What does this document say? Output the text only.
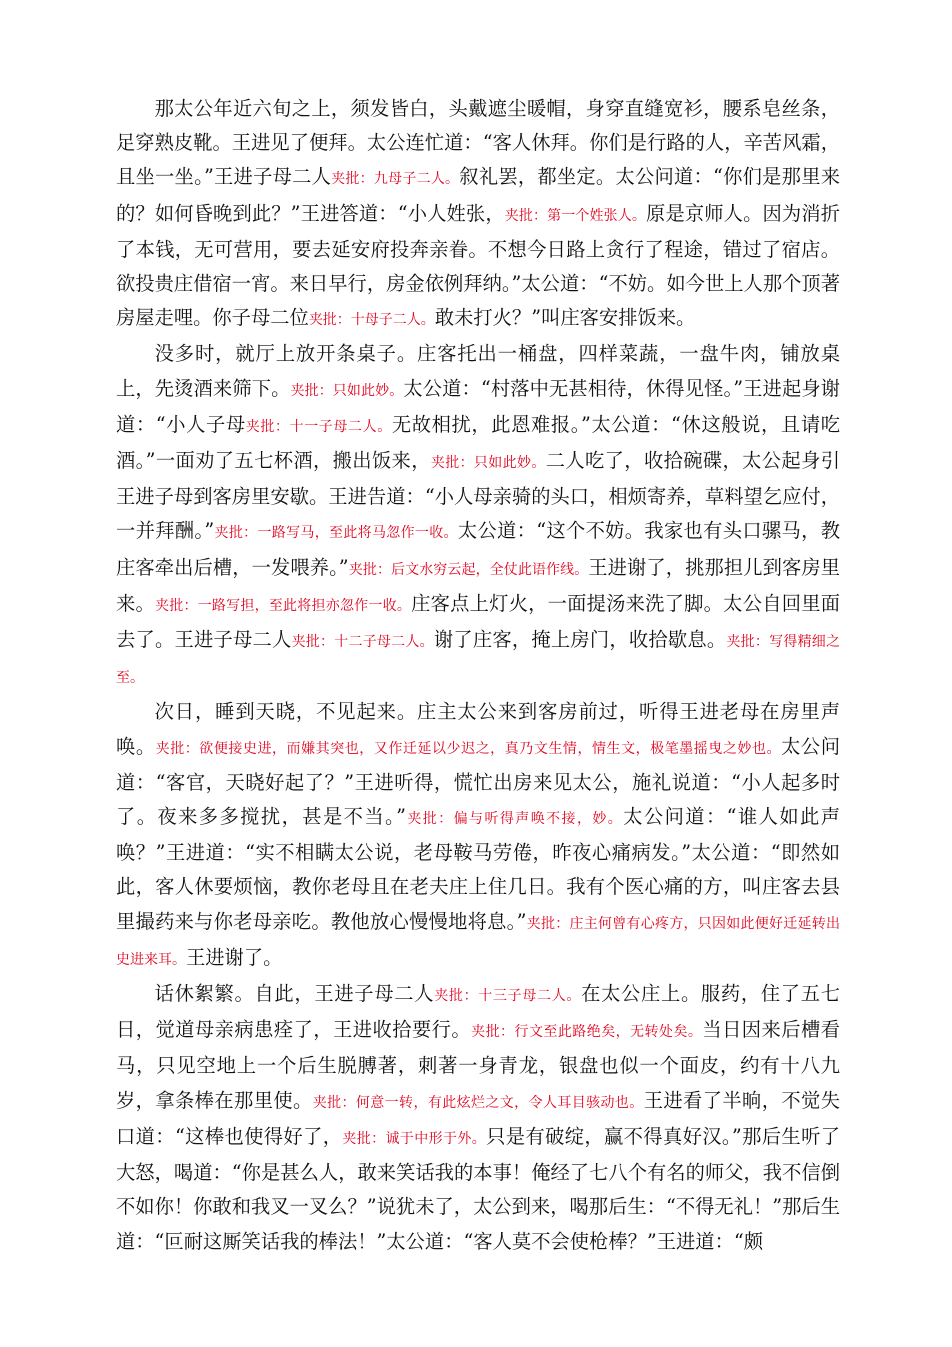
那太公年近六旬之上，须发皆白，头戴遮尘暖帽，身穿直缝宽衫，腰系皂丝条，足穿熟皮靴。王进见了便拜。太公连忙道：“客人休拜。你们是行路的人，辛苦风霜，且坐一坐。”王进子母二人夹批：九母子二人。叙礼罢，都坐定。太公问道：“你们是那里来的？如何昏晚到此？”王进答道：“小人姓张，夹批：第一个姓张人。原是京师人。因为消折了本钱，无可营用，要去延安府投奔亲眷。不想今日路上贪行了程途，错过了宿店。欲投贵庄借宿一宵。来日早行，房金依例拜纳。”太公道：“不妨。如今世上人那个顶著房屋走哩。你子母二位夹批：十母子二人。敢未打火？”叫庄客安排饭来。

没多时，就厅上放开条桌子。庄客托出一桶盘，四样菜蔬，一盘牛肉，铺放桌上，先烫酒来筛下。夹批：只如此妙。太公道：“村落中无甚相待，休得见怪。”王进起身谢道：“小人子母夹批：十一子母二人。无故相扰，此恩难报。”太公道：“休这般说，且请吃酒。”一面劝了五七杯酒，搬出饭来，夹批：只如此妙。二人吃了，收拾碗碟，太公起身引王进子母到客房里安歇。王进告道：“小人母亲骑的头口，相烦寄养，草料望乞应付，一并拜酬。”夹批：一路写马，至此将马忽作一收。太公道：“这个不妨。我家也有头口骡马，教庄客牵出后槽，一发喂养。”夹批：后文水穷云起，全仗此语作线。王进谢了，挑那担儿到客房里来。夹批：一路写担，至此将担亦忽作一收。庄客点上灯火，一面提汤来洗了脚。太公自回里面去了。王进子母二人夹批：十二子母二人。谢了庄客，掩上房门，收拾歇息。夹批：写得精细之至。

次日，睡到天晓，不见起来。庄主太公来到客房前过，听得王进老母在房里声唤。夹批：欲便接史进，而嫌其突也，又作迁延以少迟之，真乃文生情，情生文，极笔墨摇曳之妙也。太公问道：“客官，天晓好起了？”王进听得，慌忙出房来见太公，施礼说道：“小人起多时了。夜来多多搅扰，甚是不当。”夹批：偏与听得声唤不接，妙。太公问道：“谁人如此声唤？”王进道：“实不相瞒太公说，老母鞍马劳倦，昨夜心痛病发。”太公道：“即然如此，客人休要烦恼，教你老母且在老夫庄上住几日。我有个医心痛的方，叫庄客去县里撮药来与你老母亲吃。教他放心慢慢地将息。”夹批：庄主何曾有心疼方，只因如此便好迁延转出史进来耳。王进谢了。

话休絮繁。自此，王进子母二人夹批：十三子母二人。在太公庄上。服药，住了五七日，觉道母亲病患痊了，王进收拾要行。夹批：行文至此路绝矣，无转处矣。当日因来后槽看马，只见空地上一个后生脱膊著，刺著一身青龙，银盘也似一个面皮，约有十八九岁，拿条棒在那里使。夹批：何意一转，有此炫烂之文，令人耳目骇动也。王进看了半晌，不觉失口道：“这棒也使得好了，夹批：诚于中形于外。只是有破绽，赢不得真好汉。”那后生听了大怒，喝道：“你是甚么人，敢来笑话我的本事！俺经了七八个有名的师父，我不信倒不如你！你敢和我叉一叉么？”说犹未了，太公到来，喝那后生：“不得无礼！”那后生道：“叵耐这厮笑话我的棒法！”太公道：“客人莫不会使枪棒？”王进道：“颇
